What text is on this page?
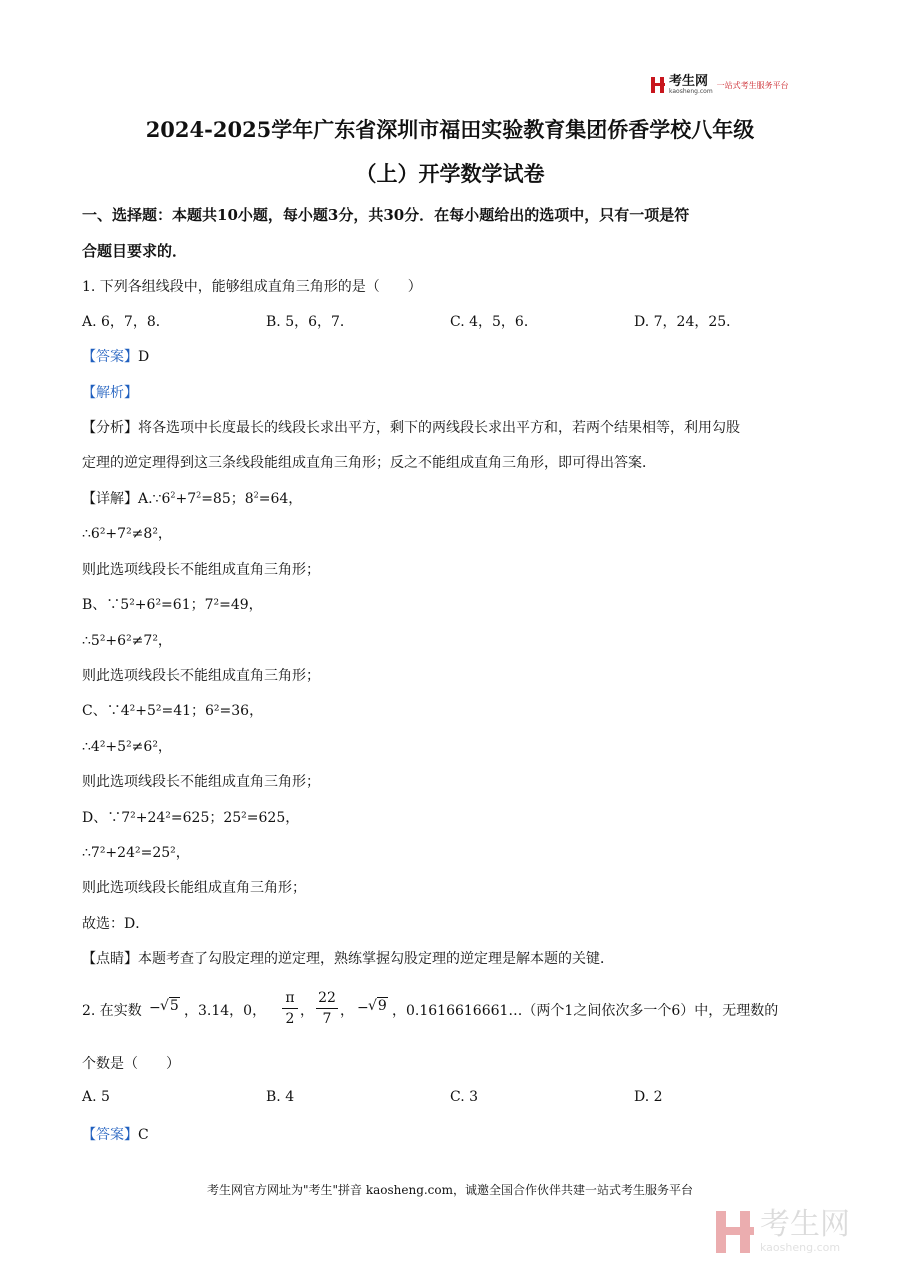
考生网
kaosheng.com
一站式考生服务平台
2024-2025学年广东省深圳市福田实验教育集团侨香学校八年级
（上）开学数学试卷
一、选择题：本题共10小题，每小题3分，共30分．在每小题给出的选项中，只有一项是符
合题目要求的．
1. 下列各组线段中，能够组成直角三角形的是（　　）
A. 6，7，8．	B. 5，6，7．	C. 4，5，6．	D. 7，24，25．
【答案】D
【解析】
【分析】将各选项中长度最长的线段长求出平方，剩下的两线段长求出平方和，若两个结果相等，利用勾股
定理的逆定理得到这三条线段能组成直角三角形；反之不能组成直角三角形，即可得出答案．
【详解】$A.\because 6^2+7^2=85$；$8^2=64$，
∴6²+7²≠8²，
则此选项线段长不能组成直角三角形；
B、∵5²+6²=61；7²=49，
∴5²+6²≠7²，
则此选项线段长不能组成直角三角形；
C、∵4²+5²=41；6²=36，
∴4²+5²≠6²，
则此选项线段长不能组成直角三角形；
D、∵7²+24²=625；25²=625，
∴7²+24²=25²，
则此选项线段长能组成直角三角形；
故选：D．
【点睛】本题考查了勾股定理的逆定理，熟练掌握勾股定理的逆定理是解本题的关键．
2. 在实数 − √5 ，3.14，0，
π
2 ，
22
7 ， − √9 ，0.1616616661…（两个1之间依次多一个6）中，无理数的
个数是（　　）
A. 5	B. 4	C. 3	D. 2
【答案】C
考生网官方网址为"考生"拼音 kaosheng.com，诚邀全国合作伙伴共建一站式考生服务平台
考生网
kaosheng.com
